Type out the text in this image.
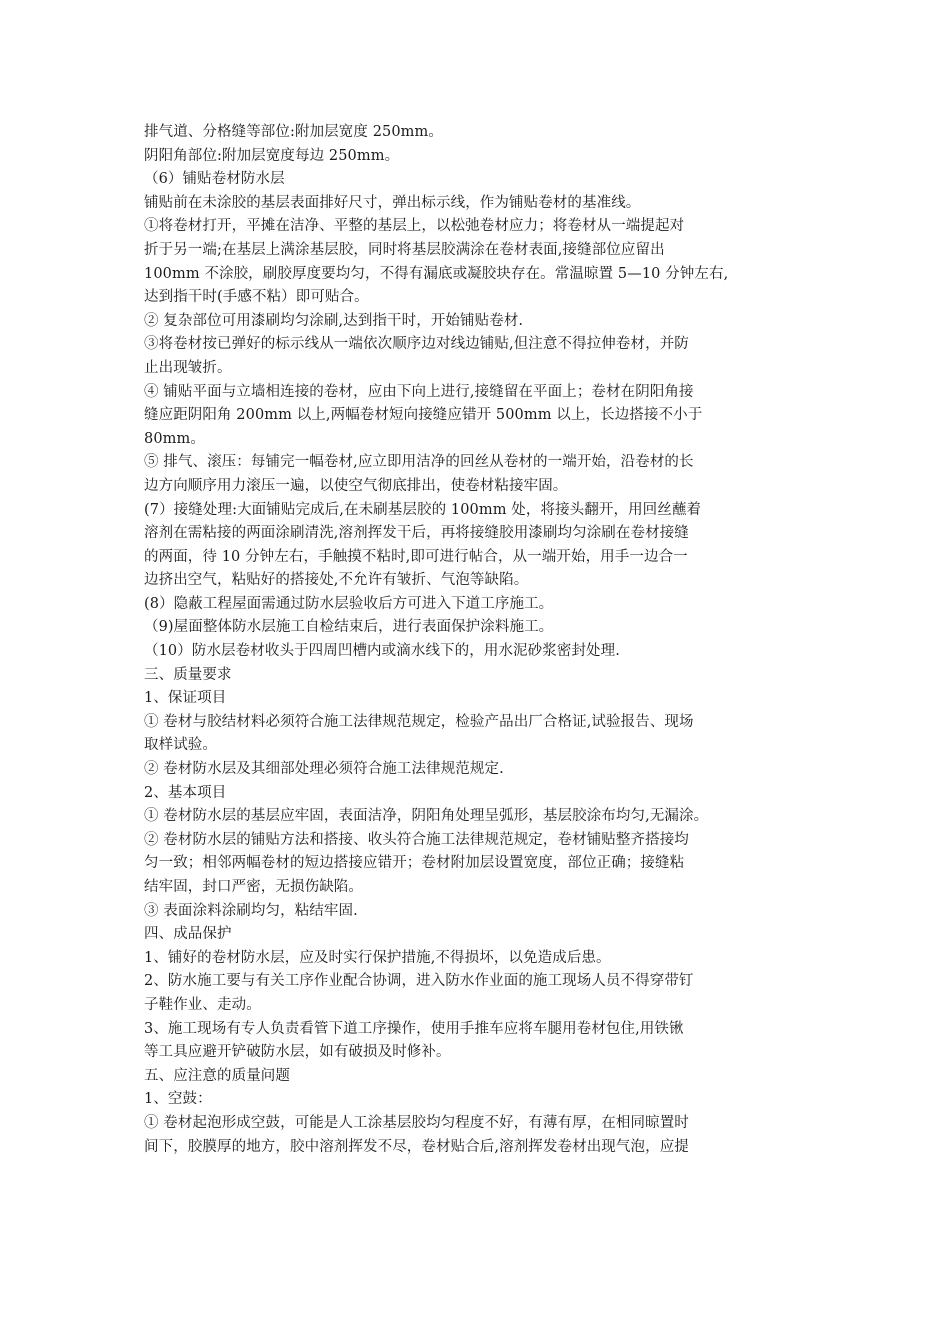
排气道、分格缝等部位:附加层宽度 250mm。
阴阳角部位:附加层宽度每边 250mm。
（6）铺贴卷材防水层
铺贴前在未涂胶的基层表面排好尺寸，弹出标示线，作为铺贴卷材的基准线。
①将卷材打开，平摊在洁净、平整的基层上，以松弛卷材应力；将卷材从一端提起对
折于另一端;在基层上满涂基层胶，同时将基层胶满涂在卷材表面,接缝部位应留出
100mm 不涂胶，刷胶厚度要均匀，不得有漏底或凝胶块存在。常温晾置 5—10 分钟左右,
达到指干时(手感不粘）即可贴合。
② 复杂部位可用漆刷均匀涂刷,达到指干时，开始铺贴卷材.
③将卷材按已弹好的标示线从一端依次顺序边对线边铺贴,但注意不得拉伸卷材，并防
止出现皱折。
④ 铺贴平面与立墙相连接的卷材，应由下向上进行,接缝留在平面上；卷材在阴阳角接
缝应距阴阳角 200mm 以上,两幅卷材短向接缝应错开 500mm 以上，长边搭接不小于
80mm。
⑤ 排气、滚压：每铺完一幅卷材,应立即用洁净的回丝从卷材的一端开始，沿卷材的长
边方向顺序用力滚压一遍，以使空气彻底排出，使卷材粘接牢固。
(7）接缝处理:大面铺贴完成后,在未刷基层胶的 100mm 处，将接头翻开，用回丝蘸着
溶剂在需粘接的两面涂刷清洗,溶剂挥发干后，再将接缝胶用漆刷均匀涂刷在卷材接缝
的两面，待 10 分钟左右，手触摸不粘时,即可进行帖合，从一端开始，用手一边合一
边挤出空气，粘贴好的搭接处,不允许有皱折、气泡等缺陷。
(8）隐蔽工程屋面需通过防水层验收后方可进入下道工序施工。
（9)屋面整体防水层施工自检结束后，进行表面保护涂料施工。
（10）防水层卷材收头于四周凹槽内或滴水线下的，用水泥砂浆密封处理.
三、质量要求
1、保证项目
① 卷材与胶结材料必须符合施工法律规范规定，检验产品出厂合格证,试验报告、现场
取样试验。
② 卷材防水层及其细部处理必须符合施工法律规范规定.
2、基本项目
① 卷材防水层的基层应牢固，表面洁净，阴阳角处理呈弧形，基层胶涂布均匀,无漏涂。
② 卷材防水层的铺贴方法和搭接、收头符合施工法律规范规定，卷材铺贴整齐搭接均
匀一致；相邻两幅卷材的短边搭接应错开；卷材附加层设置宽度，部位正确；接缝粘
结牢固，封口严密，无损伤缺陷。
③ 表面涂料涂刷均匀，粘结牢固.
四、成品保护
1、铺好的卷材防水层，应及时实行保护措施,不得损坏，以免造成后患。
2、防水施工要与有关工序作业配合协调，进入防水作业面的施工现场人员不得穿带钉
子鞋作业、走动。
3、施工现场有专人负责看管下道工序操作，使用手推车应将车腿用卷材包住,用铁锹
等工具应避开铲破防水层，如有破损及时修补。
五、应注意的质量问题
1、空鼓：
① 卷材起泡形成空鼓，可能是人工涂基层胶均匀程度不好，有薄有厚，在相同晾置时
间下，胶膜厚的地方，胶中溶剂挥发不尽，卷材贴合后,溶剂挥发卷材出现气泡，应提
